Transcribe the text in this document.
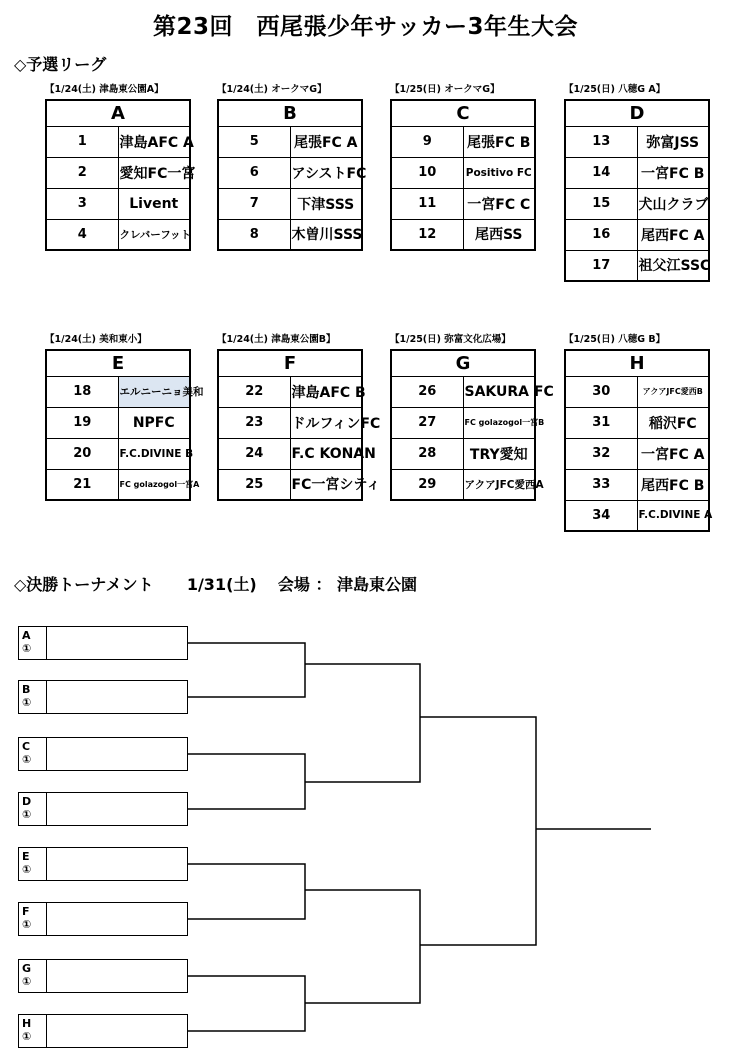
第23回　西尾張少年サッカー3年生大会
◇予選リーグ
【1/24(土) 津島東公園A】
A	
1	津島AFC A
2	愛知FC一宮
3	Livent
4	クレバーフット
【1/24(土) オークマG】
B	
5	尾張FC A
6	アシストFC
7	下津SSS
8	木曽川SSS
【1/25(日) オークマG】
C	
9	尾張FC B
10	Positivo FC
11	一宮FC C
12	尾西SS
【1/25(日) 八穂G A】
D	
13	弥富JSS
14	一宮FC B
15	犬山クラブ
16	尾西FC A
17	祖父江SSC
【1/24(土) 美和東小】
E	
18	エルニーニョ美和
19	NPFC
20	F.C.DIVINE B
21	FC golazogol一宮A
【1/24(土) 津島東公園B】
F	
22	津島AFC B
23	ドルフィンFC
24	F.C KONAN
25	FC一宮シティ
【1/25(日) 弥富文化広場】
G	
26	SAKURA FC
27	FC golazogol一宮B
28	TRY愛知
29	アクアJFC愛西A
【1/25(日) 八穂G B】
H	
30	アクアJFC愛西B
31	稲沢FC
32	一宮FC A
33	尾西FC B
34	F.C.DIVINE A
◇決勝トーナメント 1/31(土) 会場 ： 津島東公園
A
①
B
①
C
①
D
①
E
①
F
①
G
①
H
①
